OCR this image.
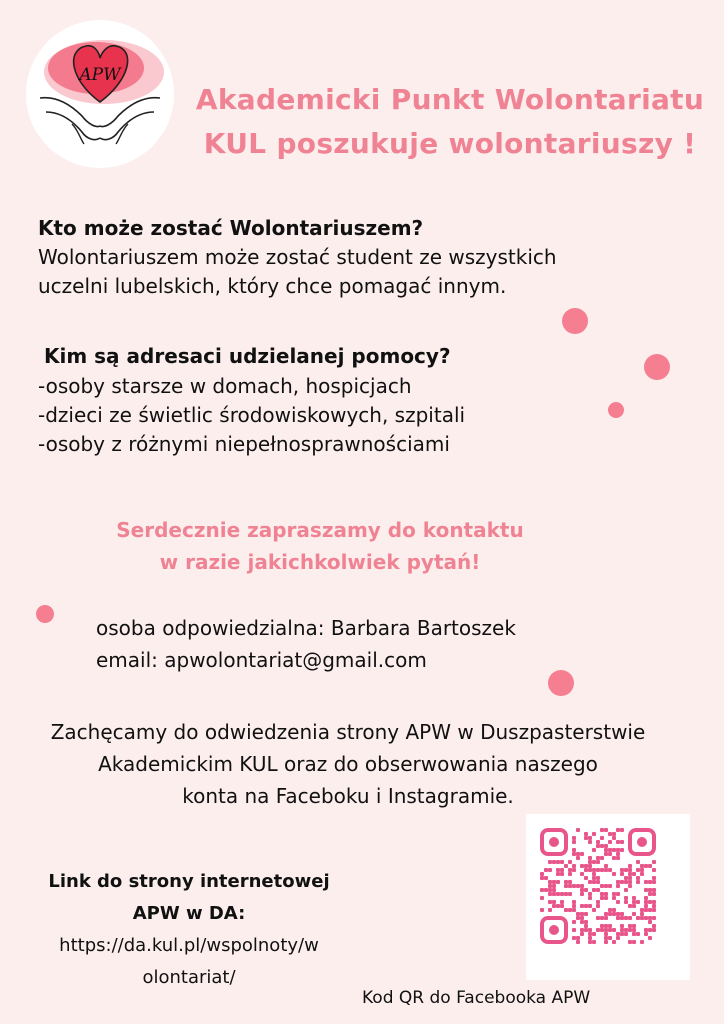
APW
Akademicki Punkt Wolontariatu
KUL poszukuje wolontariuszy !
Kto może zostać Wolontariuszem?
Wolontariuszem może zostać student ze wszystkich
uczelni lubelskich, który chce pomagać innym.
Kim są adresaci udzielanej pomocy?
-osoby starsze w domach, hospicjach
-dzieci ze świetlic środowiskowych, szpitali
-osoby z różnymi niepełnosprawnościami
Serdecznie zapraszamy do kontaktu
w razie jakichkolwiek pytań!
osoba odpowiedzialna: Barbara Bartoszek
email: apwolontariat@gmail.com
Zachęcamy do odwiedzenia strony APW w Duszpasterstwie
Akademickim KUL oraz do obserwowania naszego
konta na Faceboku i Instagramie.
Link do strony internetowej
APW w DA:
https://da.kul.pl/wspolnoty/w
olontariat/
Kod QR do Facebooka APW
